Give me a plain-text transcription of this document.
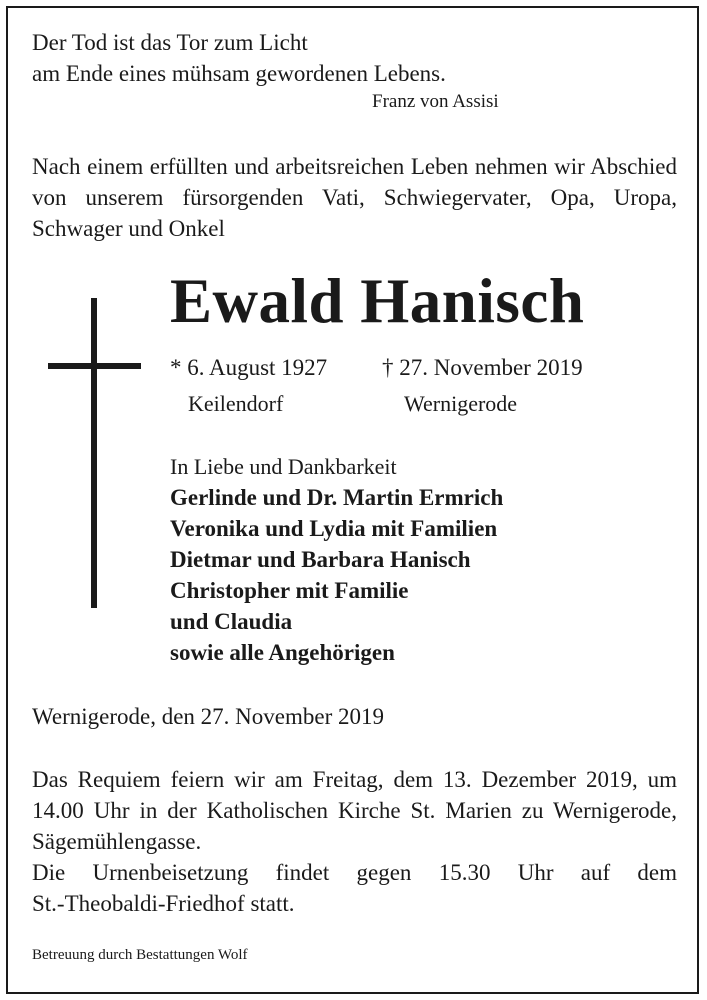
Der Tod ist das Tor zum Licht
am Ende eines mühsam gewordenen Lebens.
Franz von Assisi
Nach einem erfüllten und arbeitsreichen Leben nehmen wir Abschied von unserem fürsorgenden Vati, Schwiegervater, Opa, Uropa, Schwager und Onkel
Ewald Hanisch
* 6. August 1927 † 27. November 2019
Keilendorf	Wernigerode
In Liebe und Dankbarkeit
Gerlinde und Dr. Martin Ermrich
Veronika und Lydia mit Familien
Dietmar und Barbara Hanisch
Christopher mit Familie
und Claudia
sowie alle Angehörigen
Wernigerode, den 27. November 2019
Das Requiem feiern wir am Freitag, dem 13. Dezember 2019, um 14.00 Uhr in der Katholischen Kirche St. Marien zu Wernigerode, Sägemühlengasse.
Die Urnenbeisetzung findet gegen 15.30 Uhr auf dem
St.-Theobaldi-Friedhof statt.
Betreuung durch Bestattungen Wolf
